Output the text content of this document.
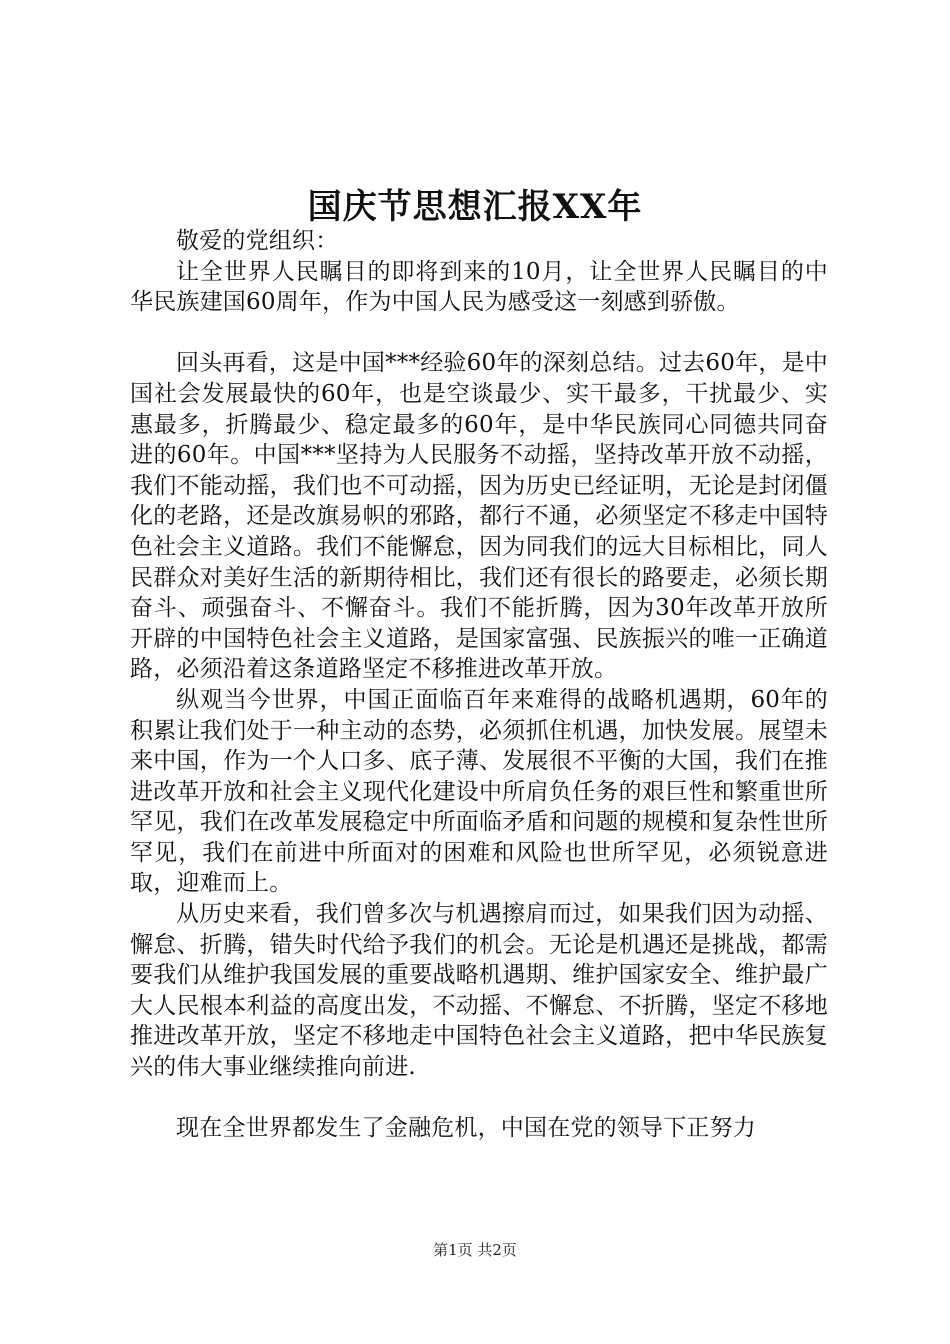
国庆节思想汇报XX年

敬爱的党组织：

让全世界人民瞩目的即将到来的10月，让全世界人民瞩目的中华民族建国60周年，作为中国人民为感受这一刻感到骄傲。

回头再看，这是中国***经验60年的深刻总结。过去60年，是中国社会发展最快的60年，也是空谈最少、实干最多，干扰最少、实惠最多，折腾最少、稳定最多的60年，是中华民族同心同德共同奋进的60年。中国***坚持为人民服务不动摇，坚持改革开放不动摇，我们不能动摇，我们也不可动摇，因为历史已经证明，无论是封闭僵化的老路，还是改旗易帜的邪路，都行不通，必须坚定不移走中国特色社会主义道路。我们不能懈怠，因为同我们的远大目标相比，同人民群众对美好生活的新期待相比，我们还有很长的路要走，必须长期奋斗、顽强奋斗、不懈奋斗。我们不能折腾，因为30年改革开放所开辟的中国特色社会主义道路，是国家富强、民族振兴的唯一正确道路，必须沿着这条道路坚定不移推进改革开放。

纵观当今世界，中国正面临百年来难得的战略机遇期，60年的积累让我们处于一种主动的态势，必须抓住机遇，加快发展。展望未来中国，作为一个人口多、底子薄、发展很不平衡的大国，我们在推进改革开放和社会主义现代化建设中所肩负任务的艰巨性和繁重世所罕见，我们在改革发展稳定中所面临矛盾和问题的规模和复杂性世所罕见，我们在前进中所面对的困难和风险也世所罕见，必须锐意进取，迎难而上。

从历史来看，我们曾多次与机遇擦肩而过，如果我们因为动摇、懈怠、折腾，错失时代给予我们的机会。无论是机遇还是挑战，都需要我们从维护我国发展的重要战略机遇期、维护国家安全、维护最广大人民根本利益的高度出发，不动摇、不懈怠、不折腾，坚定不移地推进改革开放，坚定不移地走中国特色社会主义道路，把中华民族复兴的伟大事业继续推向前进.

现在全世界都发生了金融危机，中国在党的领导下正努力

第1页 共2页
